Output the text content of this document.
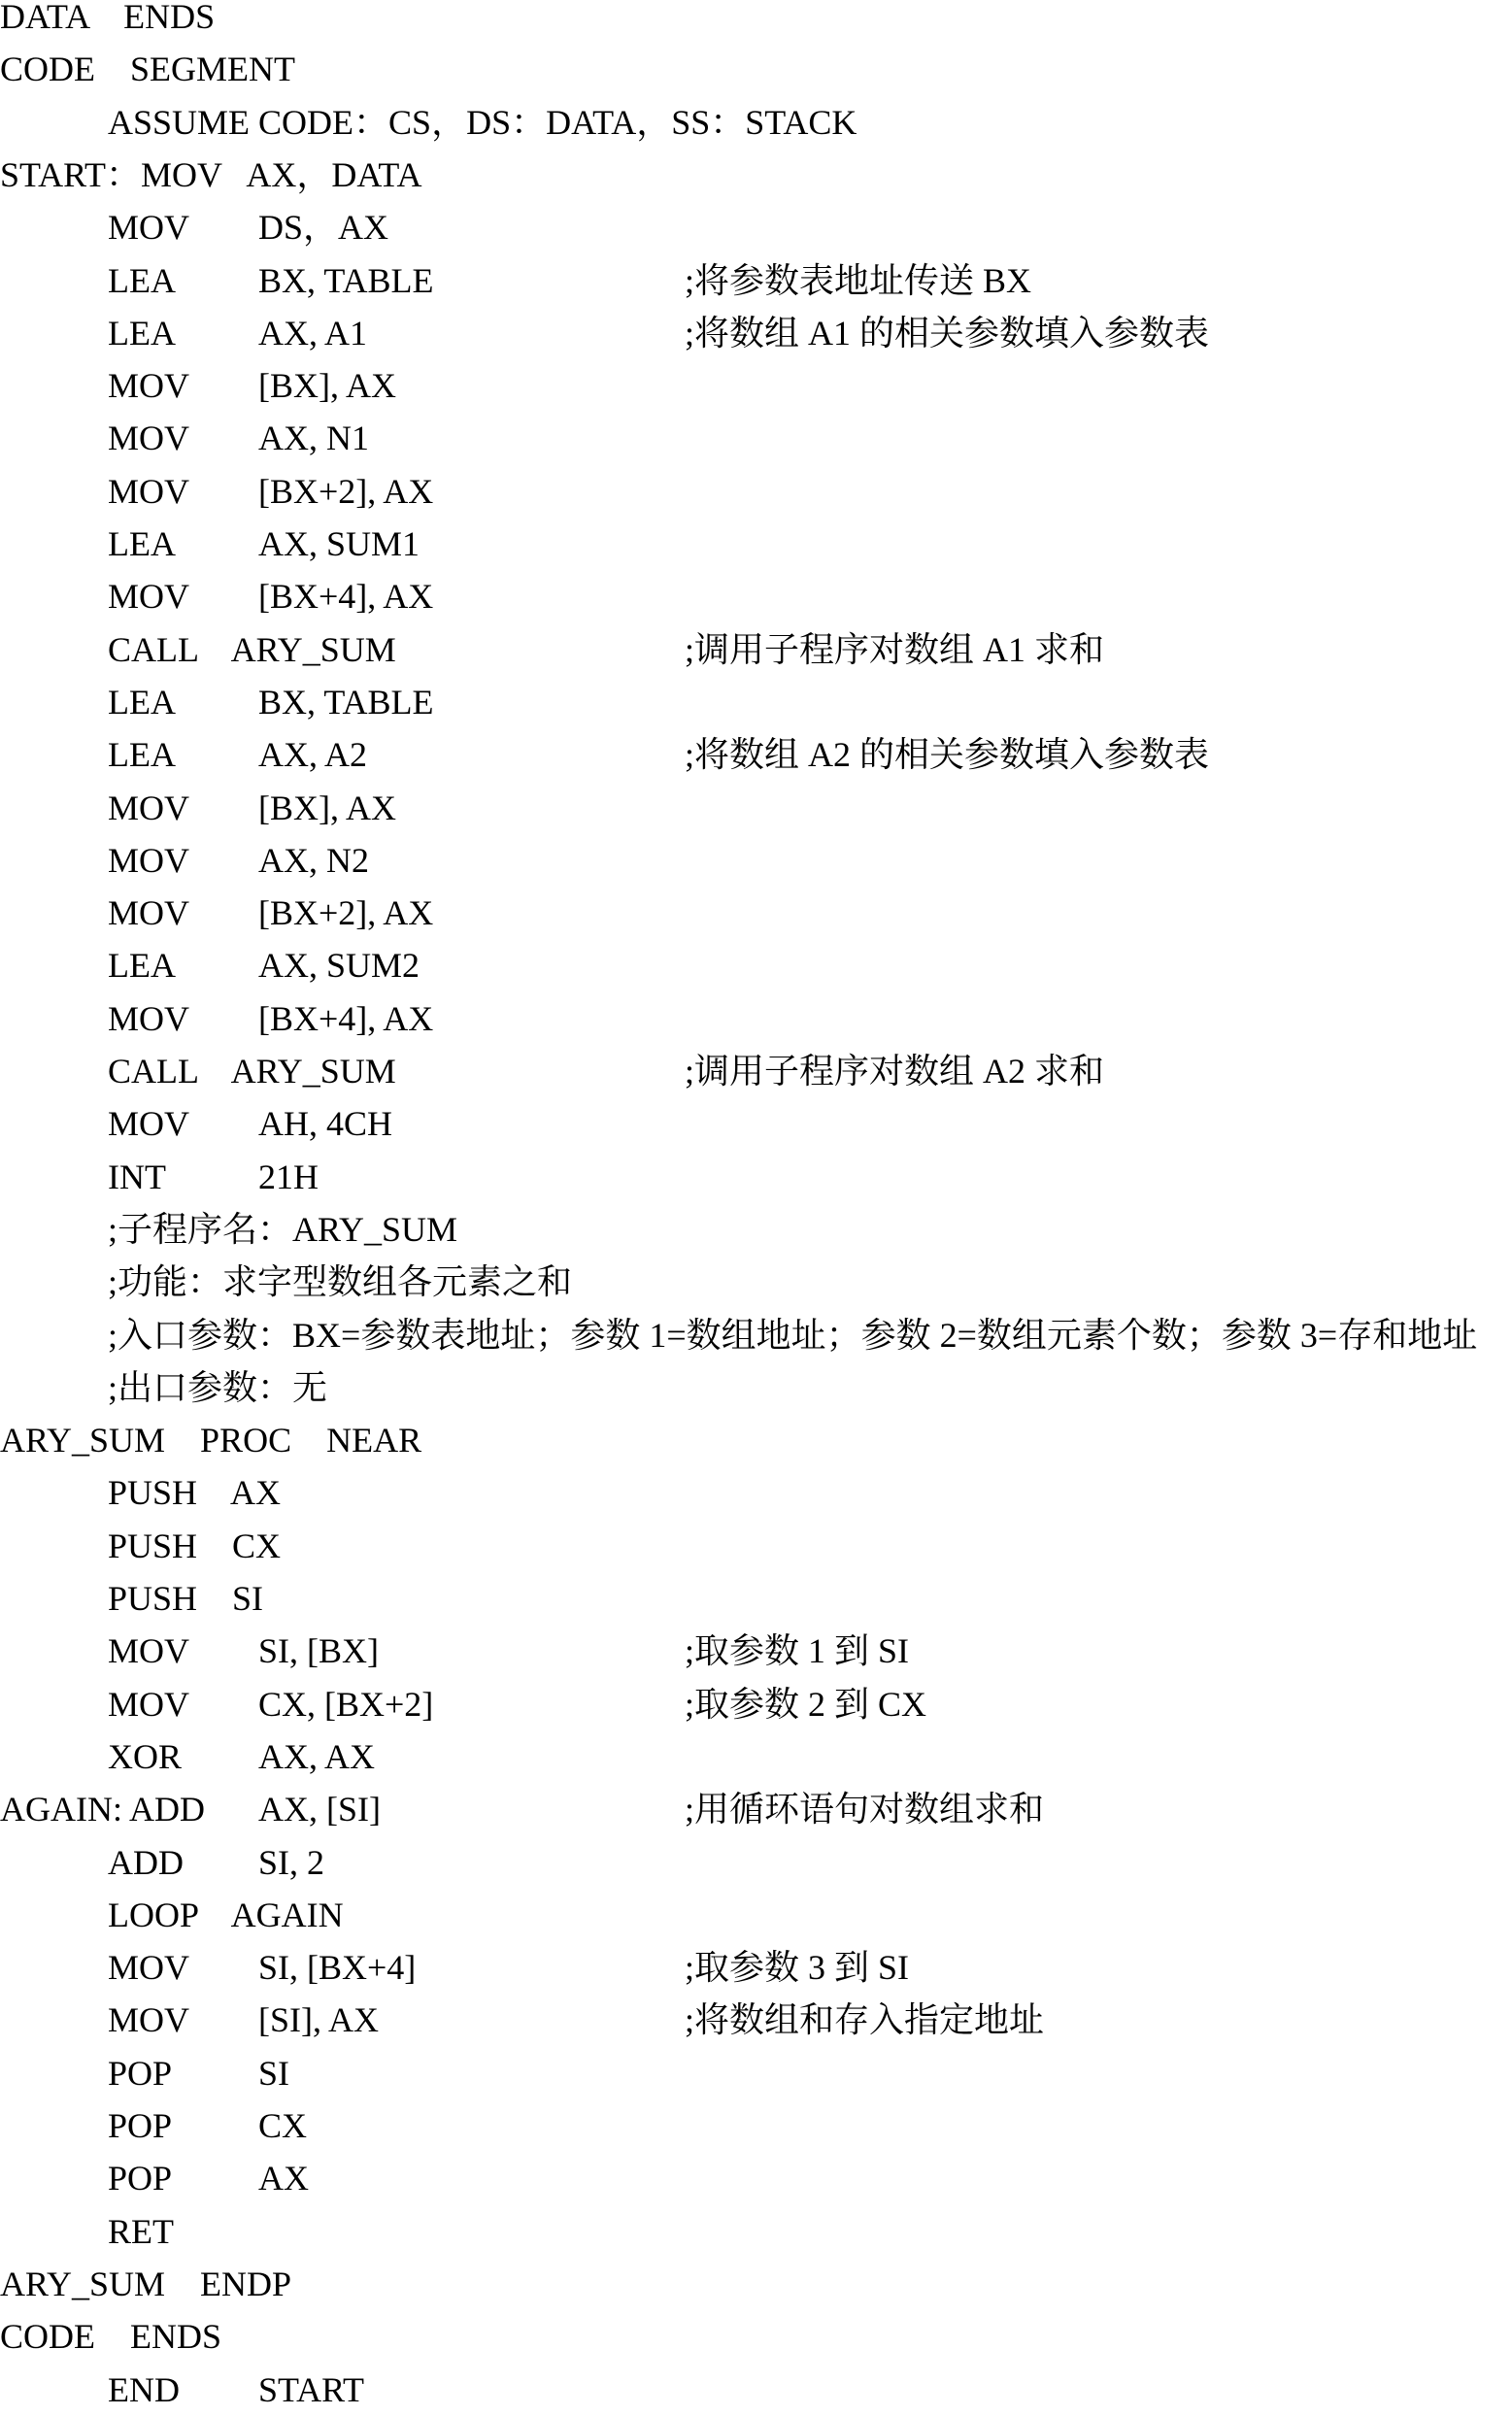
DATA    ENDS
CODE    SEGMENT
ASSUME CODE：CS，DS：DATA，SS：STACK
START：MOV   AX，DATA
MOV DS，AX
LEA BX, TABLE	;将参数表地址传送 BX
LEA AX, A1	;将数组 A1 的相关参数填入参数表
MOV [BX], AX
MOV AX, N1
MOV [BX+2], AX
LEA AX, SUM1
MOV [BX+4], AX
CALL    ARY_SUM	;调用子程序对数组 A1 求和
LEA BX, TABLE
LEA AX, A2	;将数组 A2 的相关参数填入参数表
MOV [BX], AX
MOV AX, N2
MOV [BX+2], AX
LEA AX, SUM2
MOV [BX+4], AX
CALL    ARY_SUM	;调用子程序对数组 A2 求和
MOV AH, 4CH
INT	21H
;子程序名：ARY_SUM
;功能：求字型数组各元素之和
;入口参数：BX=参数表地址；参数 1=数组地址；参数 2=数组元素个数；参数 3=存和地址
;出口参数：无
ARY_SUM    PROC    NEAR
PUSH    AX
PUSH    CX
PUSH    SI
MOV SI, [BX]	;取参数 1 到 SI
MOV CX, [BX+2]	;取参数 2 到 CX
XOR AX, AX
AGAIN: ADD AX, [SI]	;用循环语句对数组求和
ADD SI, 2
LOOP    AGAIN
MOV SI, [BX+4]	;取参数 3 到 SI
MOV [SI], AX	;将数组和存入指定地址
POP SI
POP CX
POP AX
RET
ARY_SUM    ENDP
CODE    ENDS
END START
